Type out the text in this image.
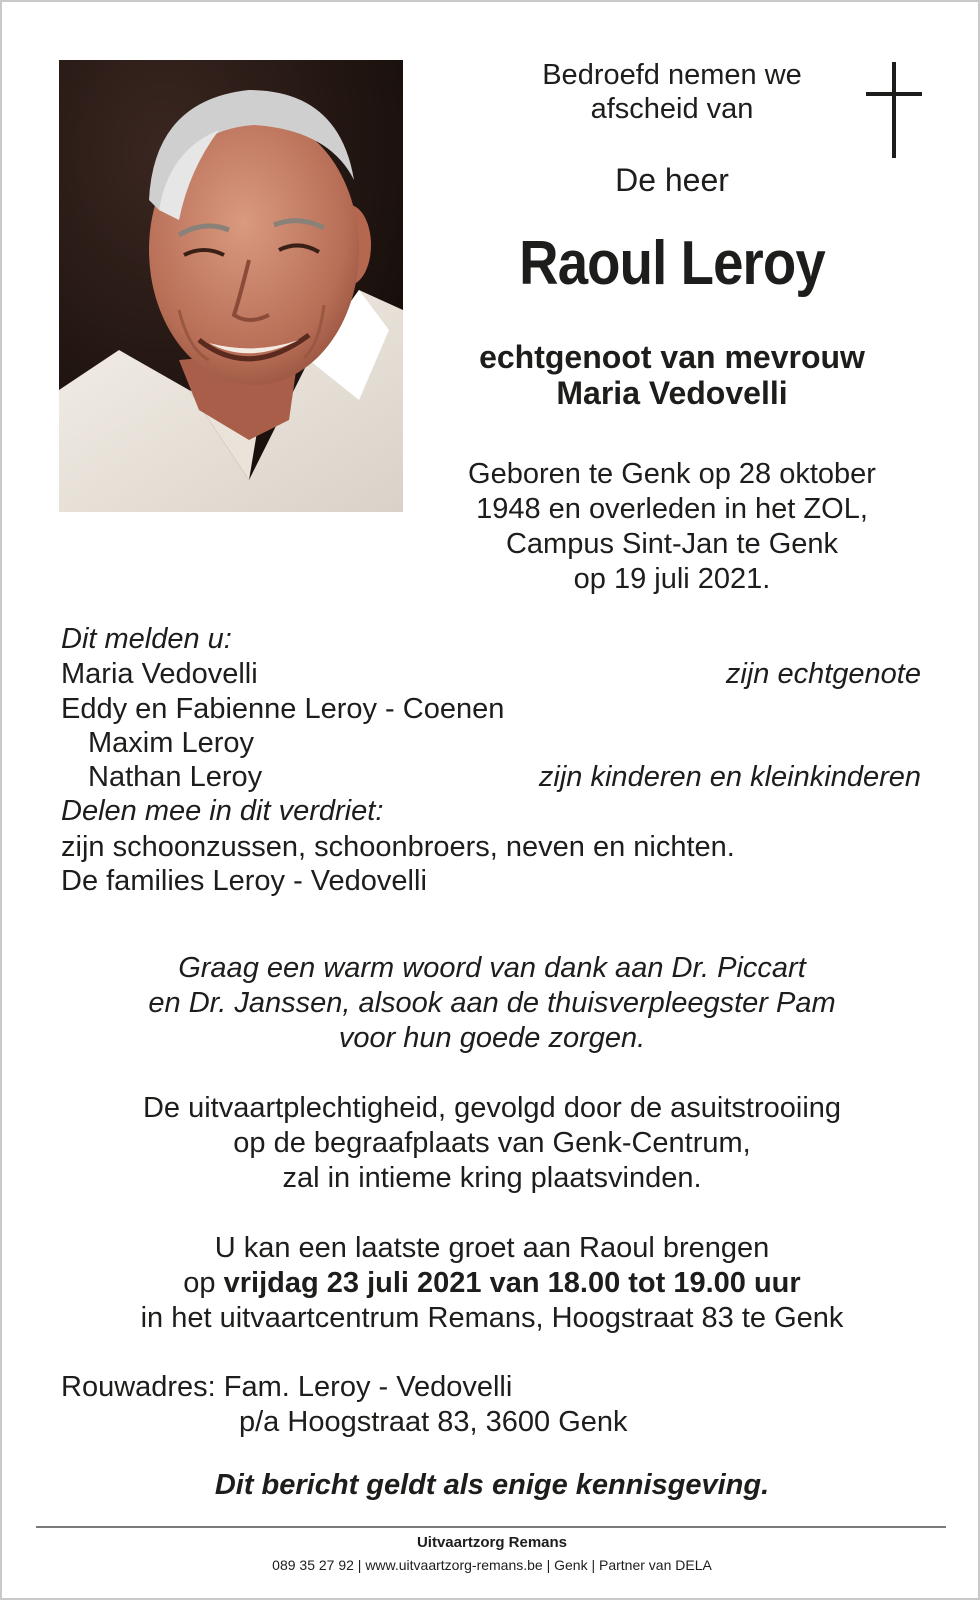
Bedroefd nemen we
afscheid van
De heer
Raoul Leroy
echtgenoot van mevrouw
Maria Vedovelli
Geboren te Genk op 28 oktober
1948 en overleden in het ZOL,
Campus Sint-Jan te Genk
op 19 juli 2021.
Dit melden u:
Maria Vedovelli	zijn echtgenote
Eddy en Fabienne Leroy - Coenen
Maxim Leroy
Nathan Leroy	zijn kinderen en kleinkinderen
Delen mee in dit verdriet:
zijn schoonzussen, schoonbroers, neven en nichten.
De families Leroy - Vedovelli
Graag een warm woord van dank aan Dr. Piccart
en Dr. Janssen, alsook aan de thuisverpleegster Pam
voor hun goede zorgen.
De uitvaartplechtigheid, gevolgd door de asuitstrooiing
op de begraafplaats van Genk-Centrum,
zal in intieme kring plaatsvinden.
U kan een laatste groet aan Raoul brengen
op vrijdag 23 juli 2021 van 18.00 tot 19.00 uur
in het uitvaartcentrum Remans, Hoogstraat 83 te Genk
Rouwadres: Fam. Leroy - Vedovelli
p/a Hoogstraat 83, 3600 Genk
Dit bericht geldt als enige kennisgeving.
Uitvaartzorg Remans
089 35 27 92 | www.uitvaartzorg-remans.be | Genk | Partner van DELA
